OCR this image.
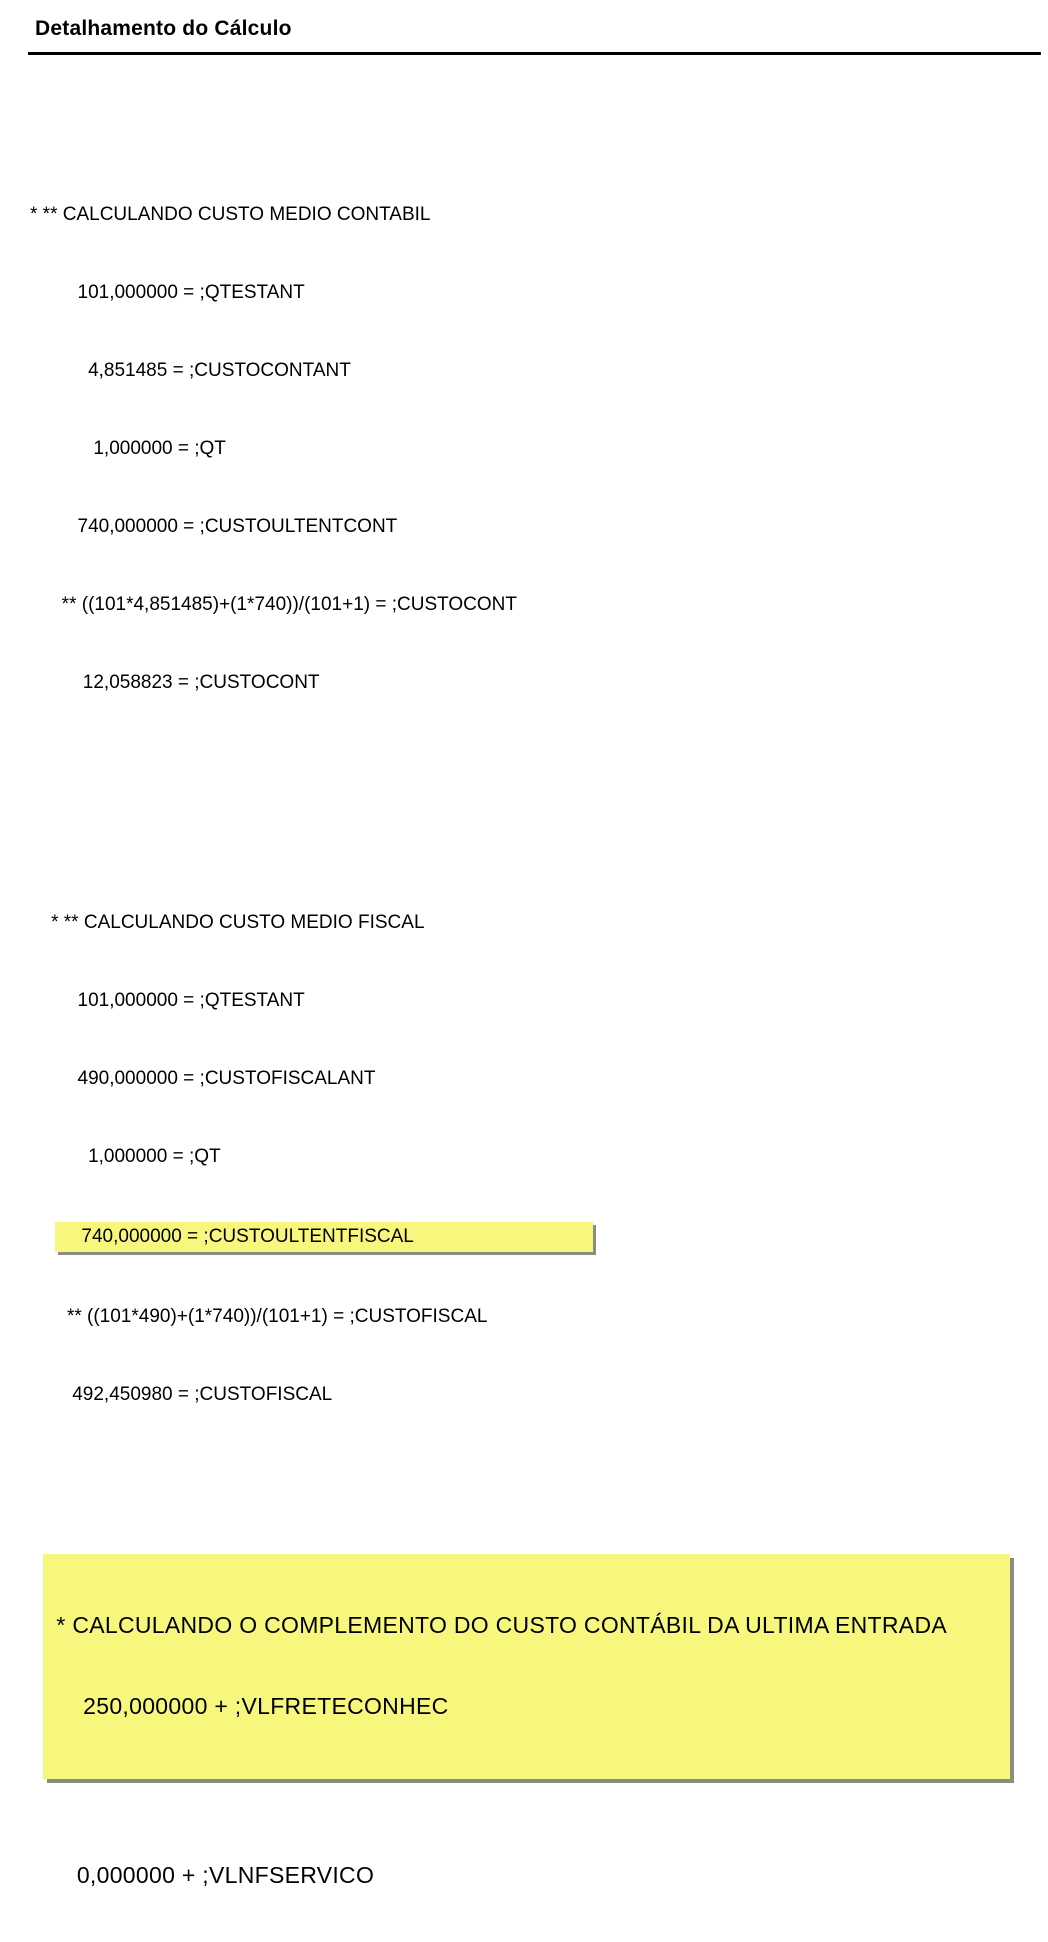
Detalhamento do Cálculo

* ** CALCULANDO CUSTO MEDIO CONTABIL

101,000000 = ;QTESTANT

4,851485 = ;CUSTOCONTANT

1,000000 = ;QT

740,000000 = ;CUSTOULTENTCONT

** ((101*4,851485)+(1*740))/(101+1) = ;CUSTOCONT

12,058823 = ;CUSTOCONT

* ** CALCULANDO CUSTO MEDIO FISCAL

101,000000 = ;QTESTANT

490,000000 = ;CUSTOFISCALANT

1,000000 = ;QT

740,000000 = ;CUSTOULTENTFISCAL

** ((101*490)+(1*740))/(101+1) = ;CUSTOFISCAL

492,450980 = ;CUSTOFISCAL

* CALCULANDO O COMPLEMENTO DO CUSTO CONTÁBIL DA ULTIMA ENTRADA

250,000000 + ;VLFRETECONHEC

0,000000 + ;VLNFSERVICO
